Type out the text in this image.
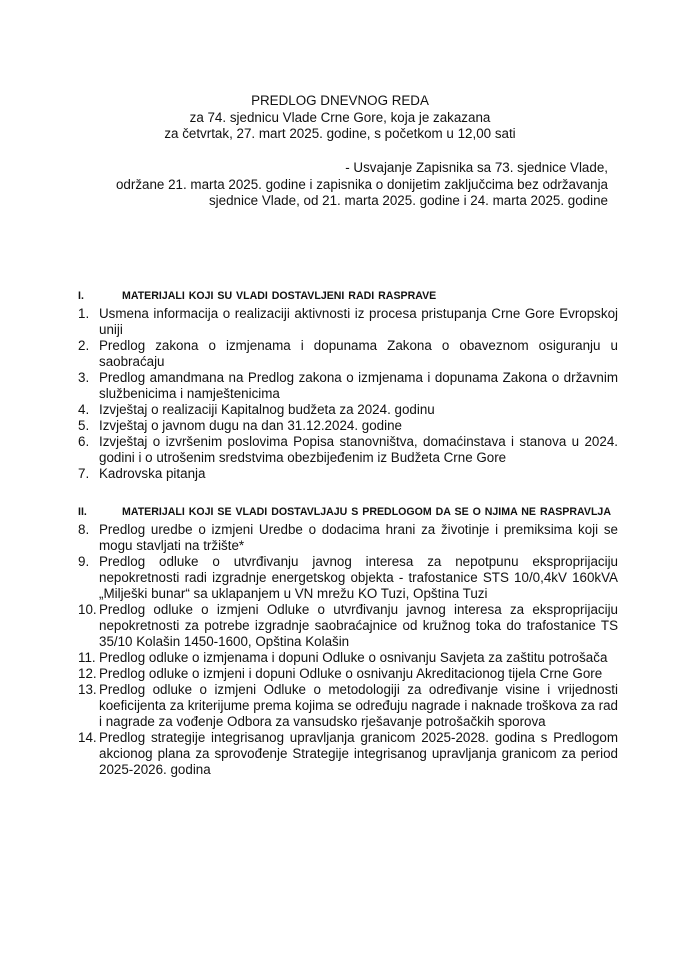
PREDLOG DNEVNOG REDA
za 74. sjednicu Vlade Crne Gore, koja je zakazana
za četvrtak, 27. mart 2025. godine, s početkom u 12,00 sati
- Usvajanje Zapisnika sa 73. sjednice Vlade,
održane 21. marta 2025. godine i zapisnika o donijetim zaključcima bez održavanja
sjednice Vlade, od 21. marta 2025. godine i 24. marta 2025. godine
I.	MATERIJALI KOJI SU VLADI DOSTAVLJENI RADI RASPRAVE
1. Usmena informacija o realizaciji aktivnosti iz procesa pristupanja Crne Gore Evropskoj uniji
2. Predlog zakona o izmjenama i dopunama Zakona o obaveznom osiguranju u saobraćaju
3. Predlog amandmana na Predlog zakona o izmjenama i dopunama Zakona o državnim službenicima i namještenicima
4. Izvještaj o realizaciji Kapitalnog budžeta za 2024. godinu
5. Izvještaj o javnom dugu na dan 31.12.2024. godine
6. Izvještaj o izvršenim poslovima Popisa stanovništva, domaćinstava i stanova u 2024. godini i o utrošenim sredstvima obezbijeđenim iz Budžeta Crne Gore
7. Kadrovska pitanja
II.	MATERIJALI KOJI SE VLADI DOSTAVLJAJU S PREDLOGOM DA SE O NJIMA NE RASPRAVLJA
8. Predlog uredbe o izmjeni Uredbe o dodacima hrani za životinje i premiksima koji se mogu stavljati na tržište*
9. Predlog odluke o utvrđivanju javnog interesa za nepotpunu eksproprijaciju nepokretnosti radi izgradnje energetskog objekta - trafostanice STS 10/0,4kV 160kVA „Milješki bunar“ sa uklapanjem u VN mrežu KO Tuzi, Opština Tuzi
10. Predlog odluke o izmjeni Odluke o utvrđivanju javnog interesa za eksproprijaciju nepokretnosti za potrebe izgradnje saobraćajnice od kružnog toka do trafostanice TS 35/10 Kolašin 1450-1600, Opština Kolašin
11. Predlog odluke o izmjenama i dopuni Odluke o osnivanju Savjeta za zaštitu potrošača
12. Predlog odluke o izmjeni i dopuni Odluke o osnivanju Akreditacionog tijela Crne Gore
13. Predlog odluke o izmjeni Odluke o metodologiji za određivanje visine i vrijednosti koeficijenta za kriterijume prema kojima se određuju nagrade i naknade troškova za rad i nagrade za vođenje Odbora za vansudsko rješavanje potrošačkih sporova
14. Predlog strategije integrisanog upravljanja granicom 2025-2028. godina s Predlogom akcionog plana za sprovođenje Strategije integrisanog upravljanja granicom za period 2025-2026. godina
